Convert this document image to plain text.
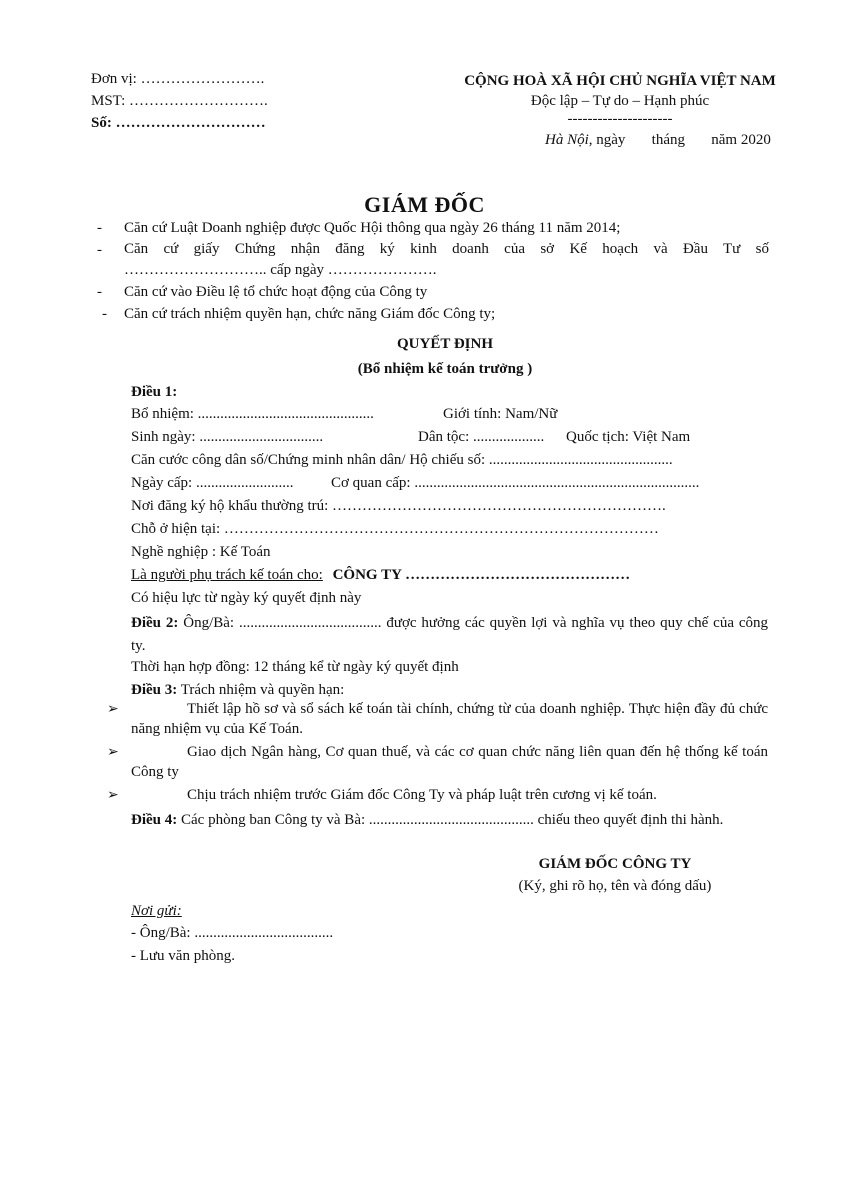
Đơn vị: …………………….
MST: ……………………….
Số: …………………………
CỘNG HOÀ XÃ HỘI CHỦ NGHĨA VIỆT NAM
Độc lập – Tự do – Hạnh phúc
---------------------
Hà Nội, ngày       tháng       năm 2020
GIÁM ĐỐC
- Căn cứ Luật Doanh nghiệp được Quốc Hội thông qua ngày 26 tháng 11 năm 2014;
- Căn cứ giấy Chứng nhận đăng ký kinh doanh của sở Kế hoạch và Đầu Tư số
……………………….. cấp ngày ………………….
- Căn cứ vào Điều lệ tổ chức hoạt động của Công ty
- Căn cứ trách nhiệm quyền hạn, chức năng Giám đốc Công ty;
QUYẾT ĐỊNH
(Bổ nhiệm kế toán trưởng )
Điều 1:
Bổ nhiệm: ...............................................	Giới tính: Nam/Nữ
Sinh ngày: .................................	Dân tộc: ................... Quốc tịch: Việt Nam
Căn cước công dân số/Chứng minh nhân dân/ Hộ chiếu số: .................................................
Ngày cấp: ..........................	Cơ quan cấp: ............................................................................
Nơi đăng ký hộ khẩu thường trú: ………………………………………………………….
Chỗ ở hiện tại: ……………………………………………………………………………
Nghề nghiệp : Kế Toán
Là người phụ trách kế toán cho: CÔNG TY ………………………………………
Có hiệu lực từ ngày ký quyết định này
Điều 2: Ông/Bà: ...................................... được hưởng các quyền lợi và nghĩa vụ theo quy chế của công ty.
Thời hạn hợp đồng: 12 tháng kể từ ngày ký quyết định
Điều 3: Trách nhiệm và quyền hạn:
➢	Thiết lập hồ sơ và sổ sách kế toán tài chính, chứng từ của doanh nghiệp. Thực hiện đầy đủ chức năng nhiệm vụ của Kế Toán.
➢	Giao dịch Ngân hàng, Cơ quan thuế, và các cơ quan chức năng liên quan đến hệ thống kế toán Công ty
➢	Chịu trách nhiệm trước Giám đốc Công Ty và pháp luật trên cương vị kế toán.
Điều 4: Các phòng ban Công ty và Bà: ............................................ chiếu theo quyết định thi hành.
GIÁM ĐỐC CÔNG TY
(Ký, ghi rõ họ, tên và đóng dấu)
Nơi gửi:
- Ông/Bà: .....................................
- Lưu văn phòng.
